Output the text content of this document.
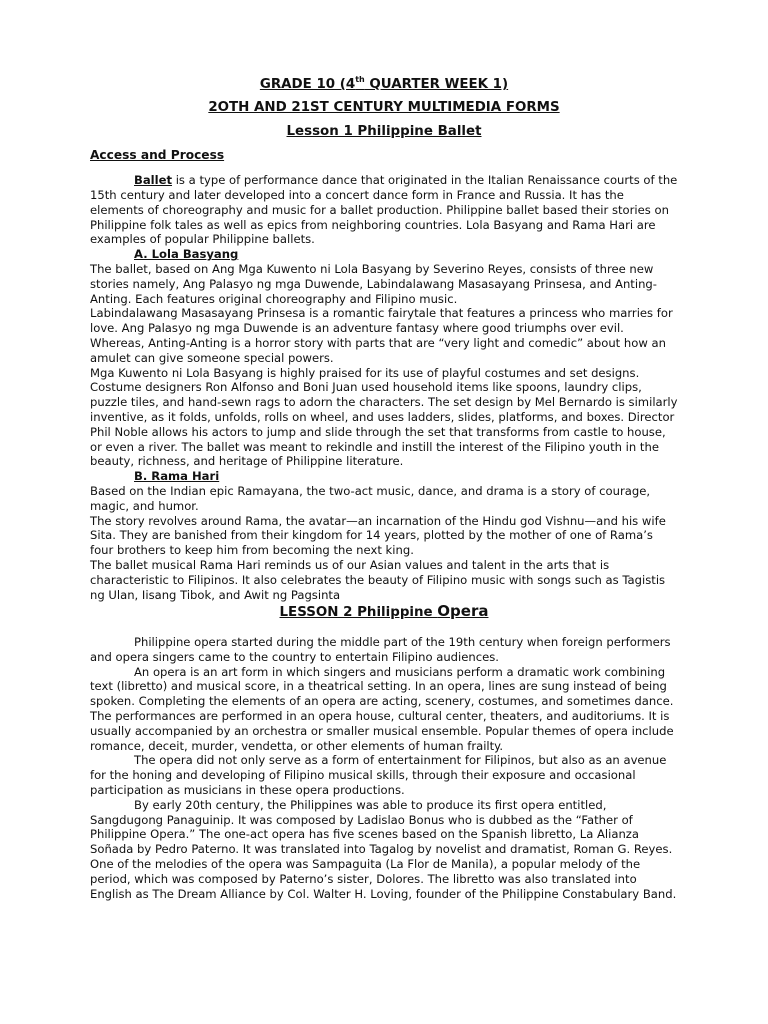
GRADE 10 (4th QUARTER WEEK 1)
2OTH AND 21ST CENTURY MULTIMEDIA FORMS
Lesson 1 Philippine Ballet
Access and Process

Ballet is a type of performance dance that originated in the Italian Renaissance courts of the 15th century and later developed into a concert dance form in France and Russia. It has the elements of choreography and music for a ballet production. Philippine ballet based their stories on Philippine folk tales as well as epics from neighboring countries. Lola Basyang and Rama Hari are examples of popular Philippine ballets.

A. Lola Basyang

The ballet, based on Ang Mga Kuwento ni Lola Basyang by Severino Reyes, consists of three new stories namely, Ang Palasyo ng mga Duwende, Labindalawang Masasayang Prinsesa, and Anting-Anting. Each features original choreography and Filipino music.

Labindalawang Masasayang Prinsesa is a romantic fairytale that features a princess who marries for love. Ang Palasyo ng mga Duwende is an adventure fantasy where good triumphs over evil. Whereas, Anting-Anting is a horror story with parts that are “very light and comedic” about how an amulet can give someone special powers.

Mga Kuwento ni Lola Basyang is highly praised for its use of playful costumes and set designs. Costume designers Ron Alfonso and Boni Juan used household items like spoons, laundry clips, puzzle tiles, and hand-sewn rags to adorn the characters. The set design by Mel Bernardo is similarly inventive, as it folds, unfolds, rolls on wheel, and uses ladders, slides, platforms, and boxes. Director Phil Noble allows his actors to jump and slide through the set that transforms from castle to house, or even a river. The ballet was meant to rekindle and instill the interest of the Filipino youth in the beauty, richness, and heritage of Philippine literature.

B. Rama Hari

Based on the Indian epic Ramayana, the two-act music, dance, and drama is a story of courage, magic, and humor.

The story revolves around Rama, the avatar—an incarnation of the Hindu god Vishnu—and his wife Sita. They are banished from their kingdom for 14 years, plotted by the mother of one of Rama’s four brothers to keep him from becoming the next king.

The ballet musical Rama Hari reminds us of our Asian values and talent in the arts that is characteristic to Filipinos. It also celebrates the beauty of Filipino music with songs such as Tagistis ng Ulan, Iisang Tibok, and Awit ng Pagsinta

LESSON 2 Philippine Opera

Philippine opera started during the middle part of the 19th century when foreign performers and opera singers came to the country to entertain Filipino audiences.

An opera is an art form in which singers and musicians perform a dramatic work combining text (libretto) and musical score, in a theatrical setting. In an opera, lines are sung instead of being spoken. Completing the elements of an opera are acting, scenery, costumes, and sometimes dance. The performances are performed in an opera house, cultural center, theaters, and auditoriums. It is usually accompanied by an orchestra or smaller musical ensemble. Popular themes of opera include romance, deceit, murder, vendetta, or other elements of human frailty.

The opera did not only serve as a form of entertainment for Filipinos, but also as an avenue for the honing and developing of Filipino musical skills, through their exposure and occasional participation as musicians in these opera productions.

By early 20th century, the Philippines was able to produce its first opera entitled, Sangdugong Panaguinip. It was composed by Ladislao Bonus who is dubbed as the “Father of Philippine Opera.” The one-act opera has five scenes based on the Spanish libretto, La Alianza Soñada by Pedro Paterno. It was translated into Tagalog by novelist and dramatist, Roman G. Reyes. One of the melodies of the opera was Sampaguita (La Flor de Manila), a popular melody of the period, which was composed by Paterno’s sister, Dolores. The libretto was also translated into English as The Dream Alliance by Col. Walter H. Loving, founder of the Philippine Constabulary Band.
